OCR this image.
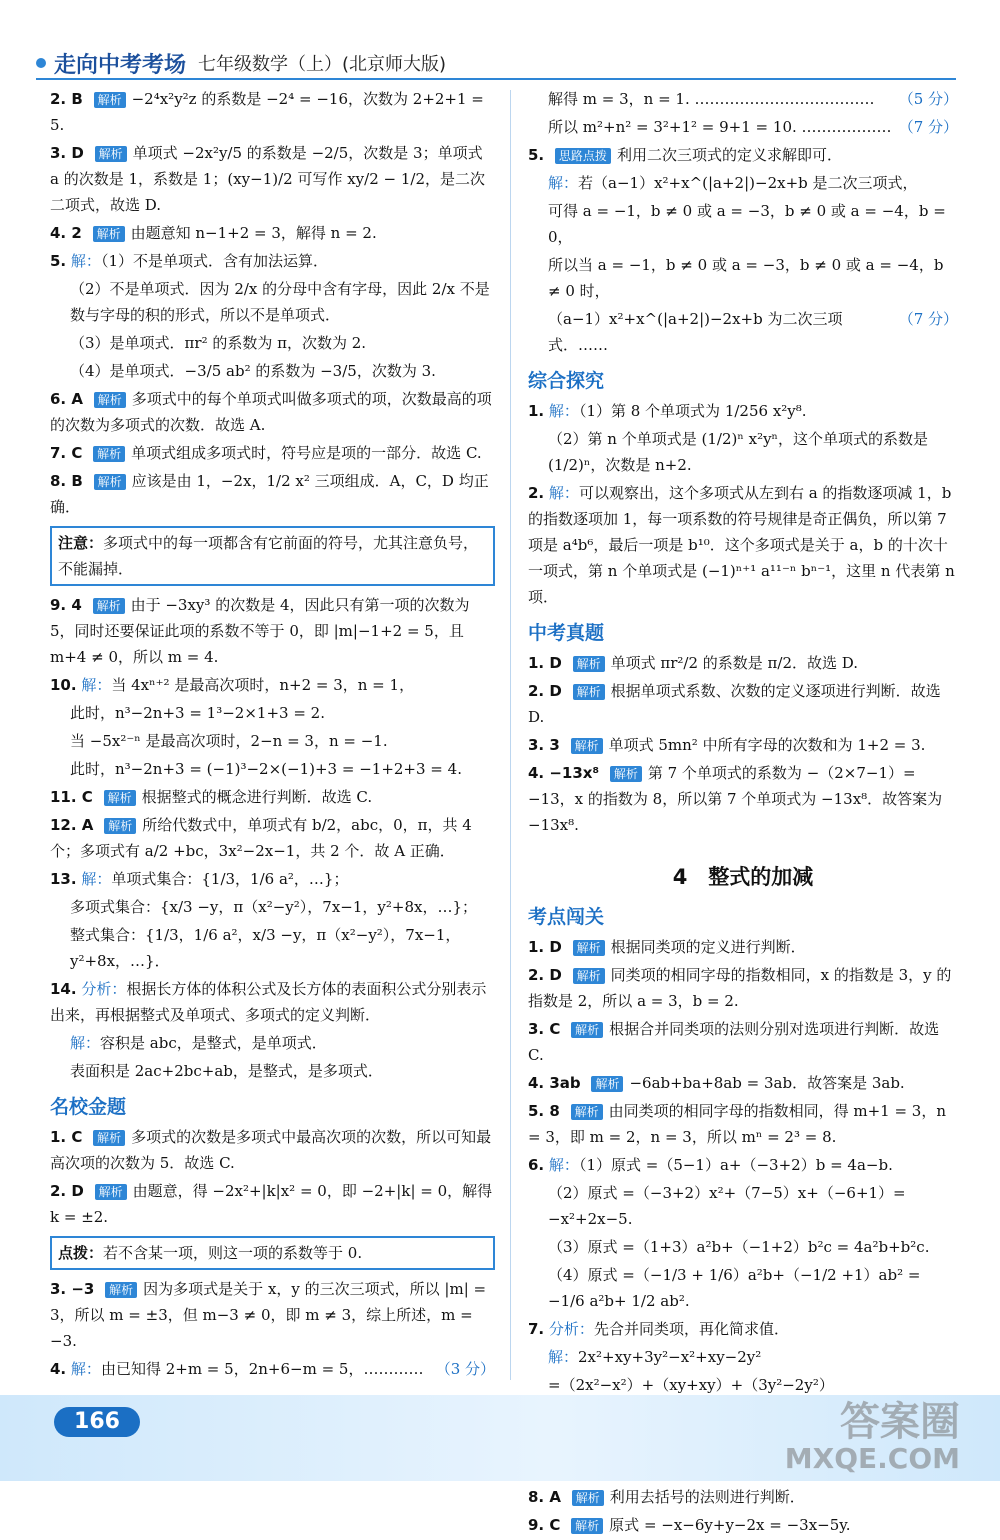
走向中考考场 七年级数学（上）(北京师大版)
2. B 解析 −2⁴x²y²z 的系数是 −2⁴ = −16，次数为 2+2+1 = 5.
3. D 解析 单项式 −2x²y/5 的系数是 −2/5，次数是 3；单项式 a 的次数是 1，系数是 1；(xy−1)/2 可写作 xy/2 − 1/2，是二次二项式，故选 D.
4. 2 解析 由题意知 n−1+2 = 3，解得 n = 2.
5. 解：（1）不是单项式．含有加法运算．
（2）不是单项式．因为 2/x 的分母中含有字母，因此 2/x 不是数与字母的积的形式，所以不是单项式．
（3）是单项式．πr² 的系数为 π，次数为 2.
（4）是单项式．−3/5 ab² 的系数为 −3/5，次数为 3.
6. A 解析 多项式中的每个单项式叫做多项式的项，次数最高的项的次数为多项式的次数．故选 A.
7. C 解析 单项式组成多项式时，符号应是项的一部分．故选 C.
8. B 解析 应该是由 1，−2x，1/2 x² 三项组成．A，C，D 均正确．
注意：多项式中的每一项都含有它前面的符号，尤其注意负号，不能漏掉．
9. 4 解析 由于 −3xy³ 的次数是 4，因此只有第一项的次数为 5，同时还要保证此项的系数不等于 0，即 |m|−1+2 = 5，且 m+4 ≠ 0，所以 m = 4.
10. 解：当 4xⁿ⁺² 是最高次项时，n+2 = 3，n = 1，
此时，n³−2n+3 = 1³−2×1+3 = 2.
当 −5x²⁻ⁿ 是最高次项时，2−n = 3，n = −1.
此时，n³−2n+3 = (−1)³−2×(−1)+3 = −1+2+3 = 4.
11. C 解析 根据整式的概念进行判断．故选 C.
12. A 解析 所给代数式中，单项式有 b/2，abc，0，π，共 4 个；多项式有 a/2 +bc，3x²−2x−1，共 2 个．故 A 正确．
13. 解：单项式集合：{1/3，1/6 a²，…}；
多项式集合：{x/3 −y，π（x²−y²），7x−1，y²+8x，…}；
整式集合：{1/3，1/6 a²，x/3 −y，π（x²−y²），7x−1，y²+8x，…}．
14. 分析：根据长方体的体积公式及长方体的表面积公式分别表示出来，再根据整式及单项式、多项式的定义判断．
解：容积是 abc，是整式，是单项式．
表面积是 2ac+2bc+ab，是整式，是多项式．
名校金题
1. C 解析 多项式的次数是多项式中最高次项的次数，所以可知最高次项的次数为 5．故选 C.
2. D 解析 由题意，得 −2x²+|k|x² = 0，即 −2+|k| = 0，解得 k = ±2.
点拨：若不含某一项，则这一项的系数等于 0.
3. −3 解析 因为多项式是关于 x，y 的三次三项式，所以 |m| = 3，所以 m = ±3，但 m−3 ≠ 0，即 m ≠ 3，综上所述，m = −3.
4. 解：	（3 分）
由已知得 2+m = 5，2n+6−m = 5，…………
（5 分）
解得 m = 3，n = 1. ………………………………
（7 分）
所以 m²+n² = 3²+1² = 9+1 = 10. ………………
5. 思路点拨 利用二次三项式的定义求解即可．
解：若（a−1）x²+x^(|a+2|)−2x+b 是二次三项式，
可得 a = −1，b ≠ 0 或 a = −3，b ≠ 0 或 a = −4，b = 0，
所以当 a = −1，b ≠ 0 或 a = −3，b ≠ 0 或 a = −4，b ≠ 0 时，
（7 分）
（a−1）x²+x^(|a+2|)−2x+b 为二次三项式．……
综合探究
1. 解：（1）第 8 个单项式为 1/256 x²y⁸.
（2）第 n 个单项式是 (1/2)ⁿ x²yⁿ，这个单项式的系数是 (1/2)ⁿ，次数是 n+2.
2. 解：可以观察出，这个多项式从左到右 a 的指数逐项减 1，b 的指数逐项加 1，每一项系数的符号规律是奇正偶负，所以第 7 项是 a⁴b⁶，最后一项是 b¹⁰．这个多项式是关于 a，b 的十次十一项式，第 n 个单项式是 (−1)ⁿ⁺¹ a¹¹⁻ⁿ bⁿ⁻¹，这里 n 代表第 n 项．
中考真题
1. D 解析 单项式 πr²/2 的系数是 π/2．故选 D.
2. D 解析 根据单项式系数、次数的定义逐项进行判断．故选 D.
3. 3 解析 单项式 5mn² 中所有字母的次数和为 1+2 = 3.
4. −13x⁸ 解析 第 7 个单项式的系数为 −（2×7−1）= −13，x 的指数为 8，所以第 7 个单项式为 −13x⁸．故答案为 −13x⁸.
4　整式的加减
考点闯关
1. D 解析 根据同类项的定义进行判断．
2. D 解析 同类项的相同字母的指数相同，x 的指数是 3，y 的指数是 2，所以 a = 3，b = 2.
3. C 解析 根据合并同类项的法则分别对选项进行判断．故选 C.
4. 3ab 解析 −6ab+ba+8ab = 3ab．故答案是 3ab.
5. 8 解析 由同类项的相同字母的指数相同，得 m+1 = 3，n = 3，即 m = 2，n = 3，所以 mⁿ = 2³ = 8.
6. 解：（1）原式 =（5−1）a+（−3+2）b = 4a−b.
（2）原式 =（−3+2）x²+（7−5）x+（−6+1）= −x²+2x−5.
（3）原式 =（1+3）a²b+（−1+2）b²c = 4a²b+b²c.
（4）原式 =（−1/3 + 1/6）a²b+（−1/2 +1）ab² = −1/6 a²b+ 1/2 ab².
7. 分析：先合并同类项，再化简求值．
解：2x²+xy+3y²−x²+xy−2y²
=（2x²−x²）+（xy+xy）+（3y²−2y²）
8. A 解析 利用去括号的法则进行判断．
9. C 解析 原式 = −x−6y+y−2x = −3x−5y.
166	答案圈
MXQE.COM
